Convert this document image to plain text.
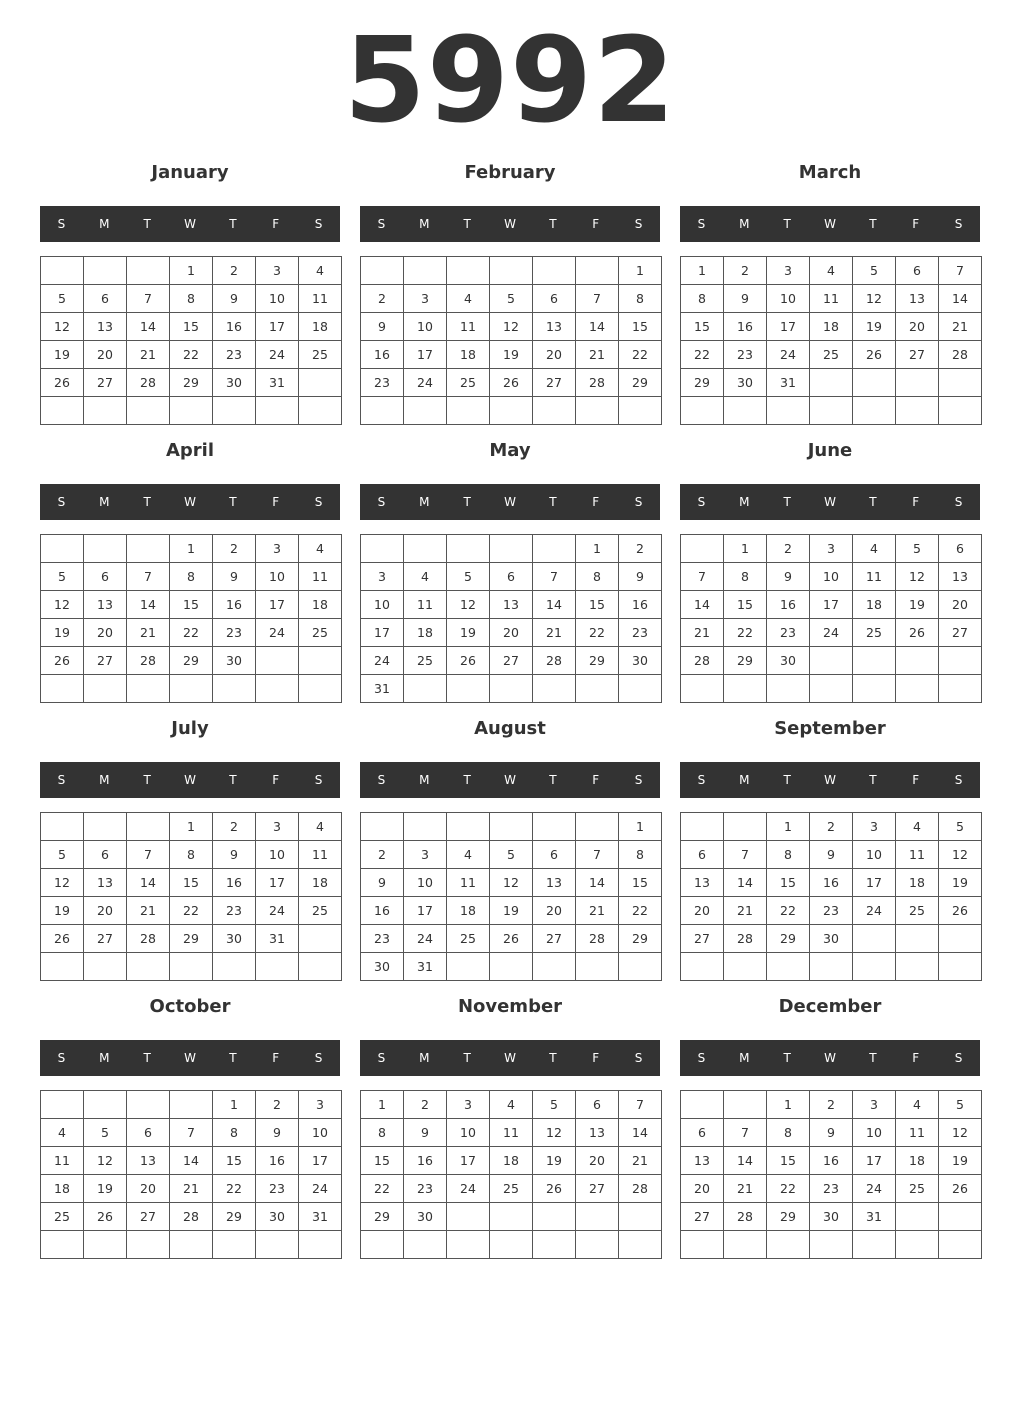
5992
January
S	M	T	W	T	F	S
			1	2	3	4
5	6	7	8	9	10	11
12	13	14	15	16	17	18
19	20	21	22	23	24	25
26	27	28	29	30	31	

February
S	M	T	W	T	F	S
						1
2	3	4	5	6	7	8
9	10	11	12	13	14	15
16	17	18	19	20	21	22
23	24	25	26	27	28	29

March
S	M	T	W	T	F	S
1	2	3	4	5	6	7
8	9	10	11	12	13	14
15	16	17	18	19	20	21
22	23	24	25	26	27	28
29	30	31				

April
S	M	T	W	T	F	S
			1	2	3	4
5	6	7	8	9	10	11
12	13	14	15	16	17	18
19	20	21	22	23	24	25
26	27	28	29	30		

May
S	M	T	W	T	F	S
					1	2
3	4	5	6	7	8	9
10	11	12	13	14	15	16
17	18	19	20	21	22	23
24	25	26	27	28	29	30
31						
June
S	M	T	W	T	F	S
	1	2	3	4	5	6
7	8	9	10	11	12	13
14	15	16	17	18	19	20
21	22	23	24	25	26	27
28	29	30				

July
S	M	T	W	T	F	S
			1	2	3	4
5	6	7	8	9	10	11
12	13	14	15	16	17	18
19	20	21	22	23	24	25
26	27	28	29	30	31	

August
S	M	T	W	T	F	S
						1
2	3	4	5	6	7	8
9	10	11	12	13	14	15
16	17	18	19	20	21	22
23	24	25	26	27	28	29
30	31					
September
S	M	T	W	T	F	S
		1	2	3	4	5
6	7	8	9	10	11	12
13	14	15	16	17	18	19
20	21	22	23	24	25	26
27	28	29	30			

October
S	M	T	W	T	F	S
				1	2	3
4	5	6	7	8	9	10
11	12	13	14	15	16	17
18	19	20	21	22	23	24
25	26	27	28	29	30	31

November
S	M	T	W	T	F	S
1	2	3	4	5	6	7
8	9	10	11	12	13	14
15	16	17	18	19	20	21
22	23	24	25	26	27	28
29	30					

December
S	M	T	W	T	F	S
		1	2	3	4	5
6	7	8	9	10	11	12
13	14	15	16	17	18	19
20	21	22	23	24	25	26
27	28	29	30	31		
